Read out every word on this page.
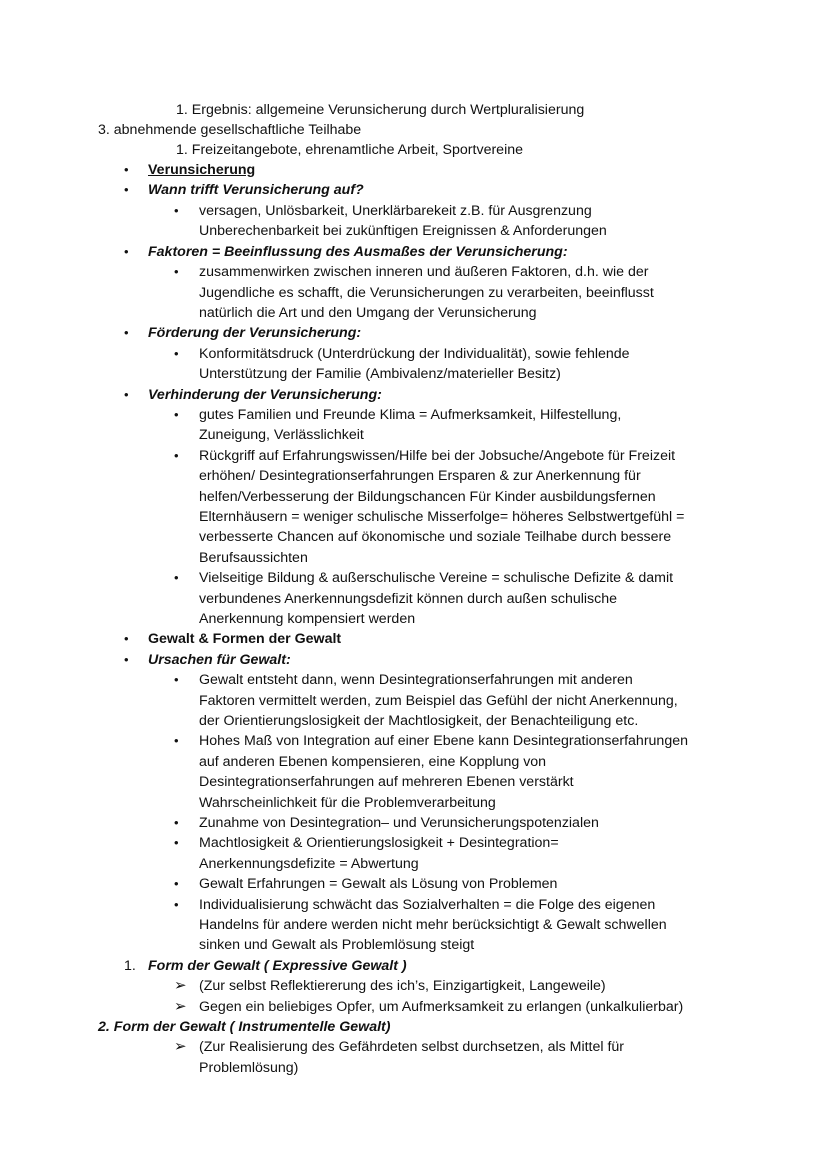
1. Ergebnis: allgemeine Verunsicherung durch Wertpluralisierung
3. abnehmende gesellschaftliche Teilhabe
1. Freizeitangebote, ehrenamtliche Arbeit, Sportvereine
• Verunsicherung
• Wann trifft Verunsicherung auf?
• versagen, Unlösbarkeit, Unerklärbarekeit z.B. für Ausgrenzung
Unberechenbarkeit bei zukünftigen Ereignissen & Anforderungen
• Faktoren = Beeinflussung des Ausmaßes der Verunsicherung:
• zusammenwirken zwischen inneren und äußeren Faktoren, d.h. wie der
Jugendliche es schafft, die Verunsicherungen zu verarbeiten, beeinflusst
natürlich die Art und den Umgang der Verunsicherung
• Förderung der Verunsicherung:
• Konformitätsdruck (Unterdrückung der Individualität), sowie fehlende
Unterstützung der Familie (Ambivalenz/materieller Besitz)
• Verhinderung der Verunsicherung:
• gutes Familien und Freunde Klima = Aufmerksamkeit, Hilfestellung,
Zuneigung, Verlässlichkeit
• Rückgriff auf Erfahrungswissen/Hilfe bei der Jobsuche/Angebote für Freizeit
erhöhen/ Desintegrationserfahrungen Ersparen & zur Anerkennung für
helfen/Verbesserung der Bildungschancen Für Kinder ausbildungsfernen
Elternhäusern = weniger schulische Misserfolge= höheres Selbstwertgefühl =
verbesserte Chancen auf ökonomische und soziale Teilhabe durch bessere
Berufsaussichten
• Vielseitige Bildung & außerschulische Vereine = schulische Defizite & damit
verbundenes Anerkennungsdefizit können durch außen schulische
Anerkennung kompensiert werden
• Gewalt & Formen der Gewalt
• Ursachen für Gewalt:
• Gewalt entsteht dann, wenn Desintegrationserfahrungen mit anderen
Faktoren vermittelt werden, zum Beispiel das Gefühl der nicht Anerkennung,
der Orientierungslosigkeit der Machtlosigkeit, der Benachteiligung etc.
• Hohes Maß von Integration auf einer Ebene kann Desintegrationserfahrungen
auf anderen Ebenen kompensieren, eine Kopplung von
Desintegrationserfahrungen auf mehreren Ebenen verstärkt
Wahrscheinlichkeit für die Problemverarbeitung
• Zunahme von Desintegration– und Verunsicherungspotenzialen
• Machtlosigkeit & Orientierungslosigkeit + Desintegration=
Anerkennungsdefizite = Abwertung
• Gewalt Erfahrungen = Gewalt als Lösung von Problemen
• Individualisierung schwächt das Sozialverhalten = die Folge des eigenen
Handelns für andere werden nicht mehr berücksichtigt & Gewalt schwellen
sinken und Gewalt als Problemlösung steigt
1. Form der Gewalt ( Expressive Gewalt )
➢ (Zur selbst Reflektiererung des ich’s, Einzigartigkeit, Langeweile)
➢ Gegen ein beliebiges Opfer, um Aufmerksamkeit zu erlangen (unkalkulierbar)
2. Form der Gewalt ( Instrumentelle Gewalt)
➢ (Zur Realisierung des Gefährdeten selbst durchsetzen, als Mittel für
Problemlösung)
